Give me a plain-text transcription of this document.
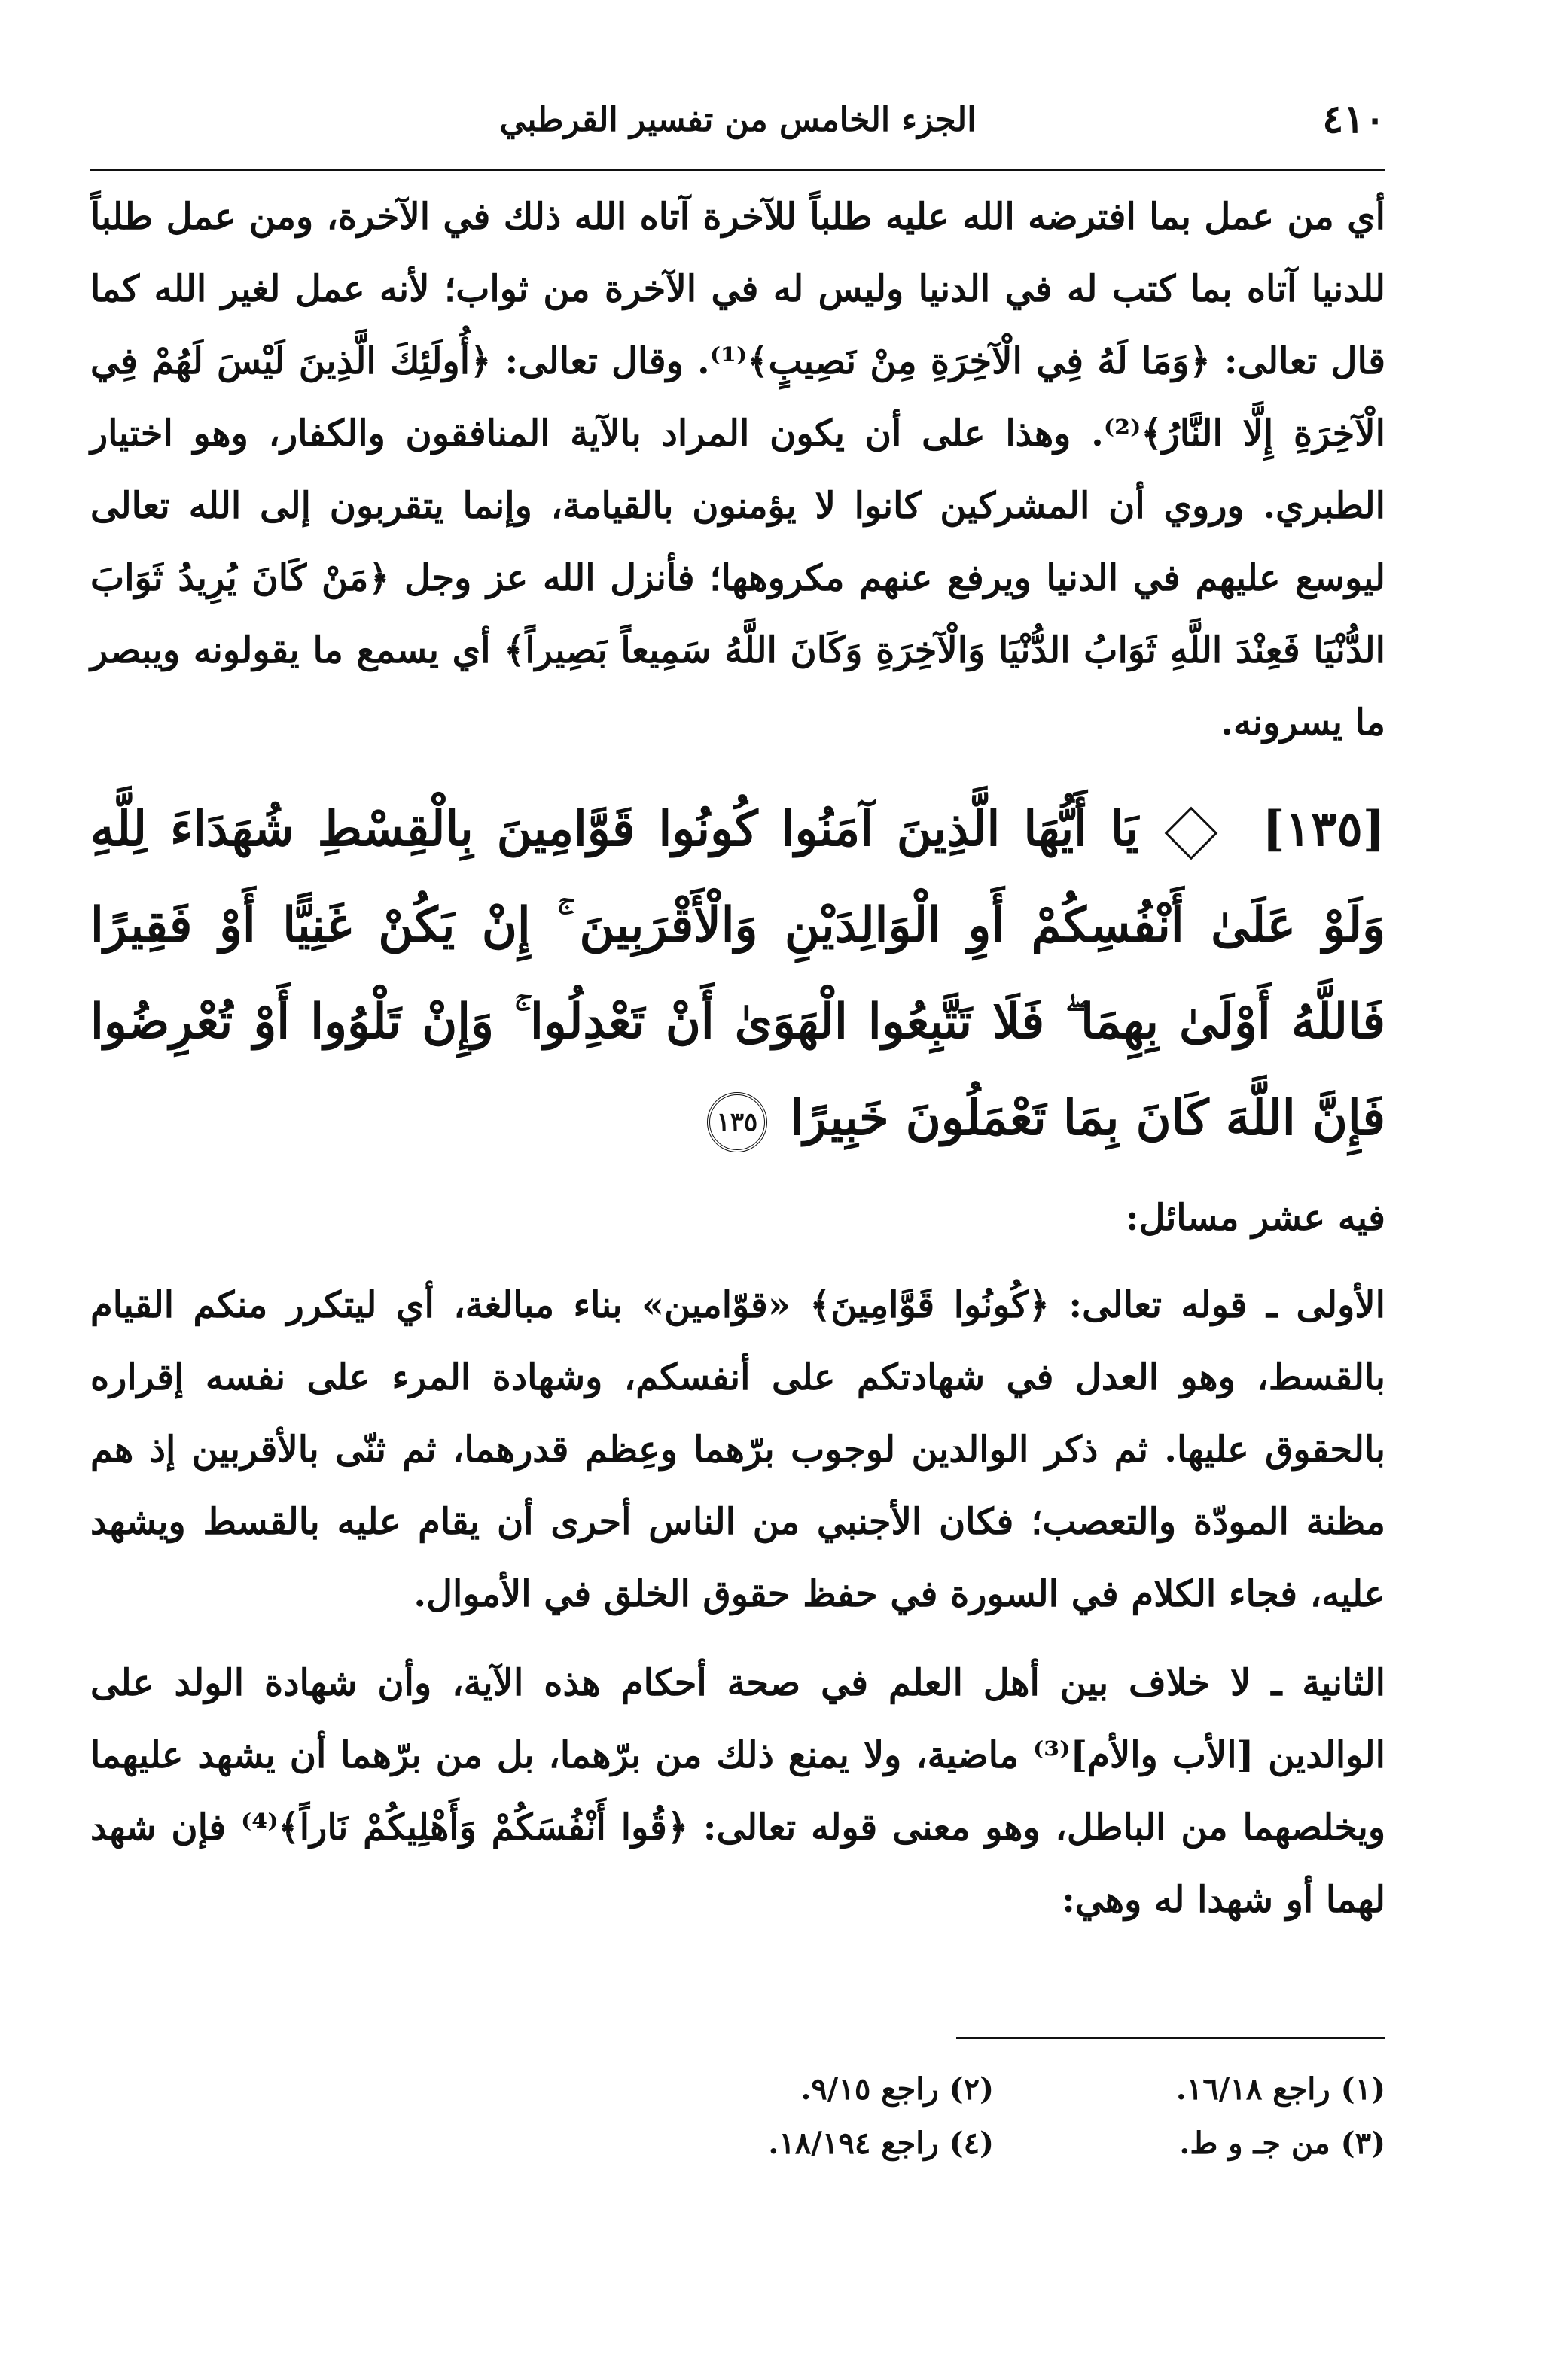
الجزء الخامس من تفسير القرطبي	٤١٠

أي من عمل بما افترضه الله عليه طلباً للآخرة آتاه الله ذلك في الآخرة، ومن عمل طلباً للدنيا آتاه بما كتب له في الدنيا وليس له في الآخرة من ثواب؛ لأنه عمل لغير الله كما قال تعالى: ﴿وَمَا لَهُ فِي الْآخِرَةِ مِنْ نَصِيبٍ﴾⁽¹⁾. وقال تعالى: ﴿أُولَئِكَ الَّذِينَ لَيْسَ لَهُمْ فِي الْآخِرَةِ إِلَّا النَّارُ﴾⁽²⁾. وهذا على أن يكون المراد بالآية المنافقون والكفار، وهو اختيار الطبري. وروي أن المشركين كانوا لا يؤمنون بالقيامة، وإنما يتقربون إلى الله تعالى ليوسع عليهم في الدنيا ويرفع عنهم مكروهها؛ فأنزل الله عز وجل ﴿مَنْ كَانَ يُرِيدُ ثَوَابَ الدُّنْيَا فَعِنْدَ اللَّهِ ثَوَابُ الدُّنْيَا وَالْآخِرَةِ وَكَانَ اللَّهُ سَمِيعاً بَصِيراً﴾ أي يسمع ما يقولونه ويبصر ما يسرونه.

[١٣٥]  يَا أَيُّهَا الَّذِينَ آمَنُوا كُونُوا قَوَّامِينَ بِالْقِسْطِ شُهَدَاءَ لِلَّهِ وَلَوْ عَلَىٰ أَنْفُسِكُمْ أَوِ الْوَالِدَيْنِ وَالْأَقْرَبِينَ ۚ إِنْ يَكُنْ غَنِيًّا أَوْ فَقِيرًا فَاللَّهُ أَوْلَىٰ بِهِمَا ۖ فَلَا تَتَّبِعُوا الْهَوَىٰ أَنْ تَعْدِلُوا ۚ وَإِنْ تَلْوُوا أَوْ تُعْرِضُوا فَإِنَّ اللَّهَ كَانَ بِمَا تَعْمَلُونَ خَبِيرًا ١٣٥
فيه عشر مسائل:

الأولى ـ قوله تعالى: ﴿كُونُوا قَوَّامِينَ﴾ «قوّامين» بناء مبالغة، أي ليتكرر منكم القيام بالقسط، وهو العدل في شهادتكم على أنفسكم، وشهادة المرء على نفسه إقراره بالحقوق عليها. ثم ذكر الوالدين لوجوب برّهما وعِظم قدرهما، ثم ثنّى بالأقربين إذ هم مظنة المودّة والتعصب؛ فكان الأجنبي من الناس أحرى أن يقام عليه بالقسط ويشهد عليه، فجاء الكلام في السورة في حفظ حقوق الخلق في الأموال.

الثانية ـ لا خلاف بين أهل العلم في صحة أحكام هذه الآية، وأن شهادة الولد على الوالدين [الأب والأم]⁽³⁾ ماضية، ولا يمنع ذلك من برّهما، بل من برّهما أن يشهد عليهما ويخلصهما من الباطل، وهو معنى قوله تعالى: ﴿قُوا أَنْفُسَكُمْ وَأَهْلِيكُمْ نَاراً﴾⁽⁴⁾ فإن شهد لهما أو شهدا له وهي:

(١) راجع ١٦/١٨.
(٢) راجع ٩/١٥.
(٣) من جـ و ط.
(٤) راجع ١٨/١٩٤.
